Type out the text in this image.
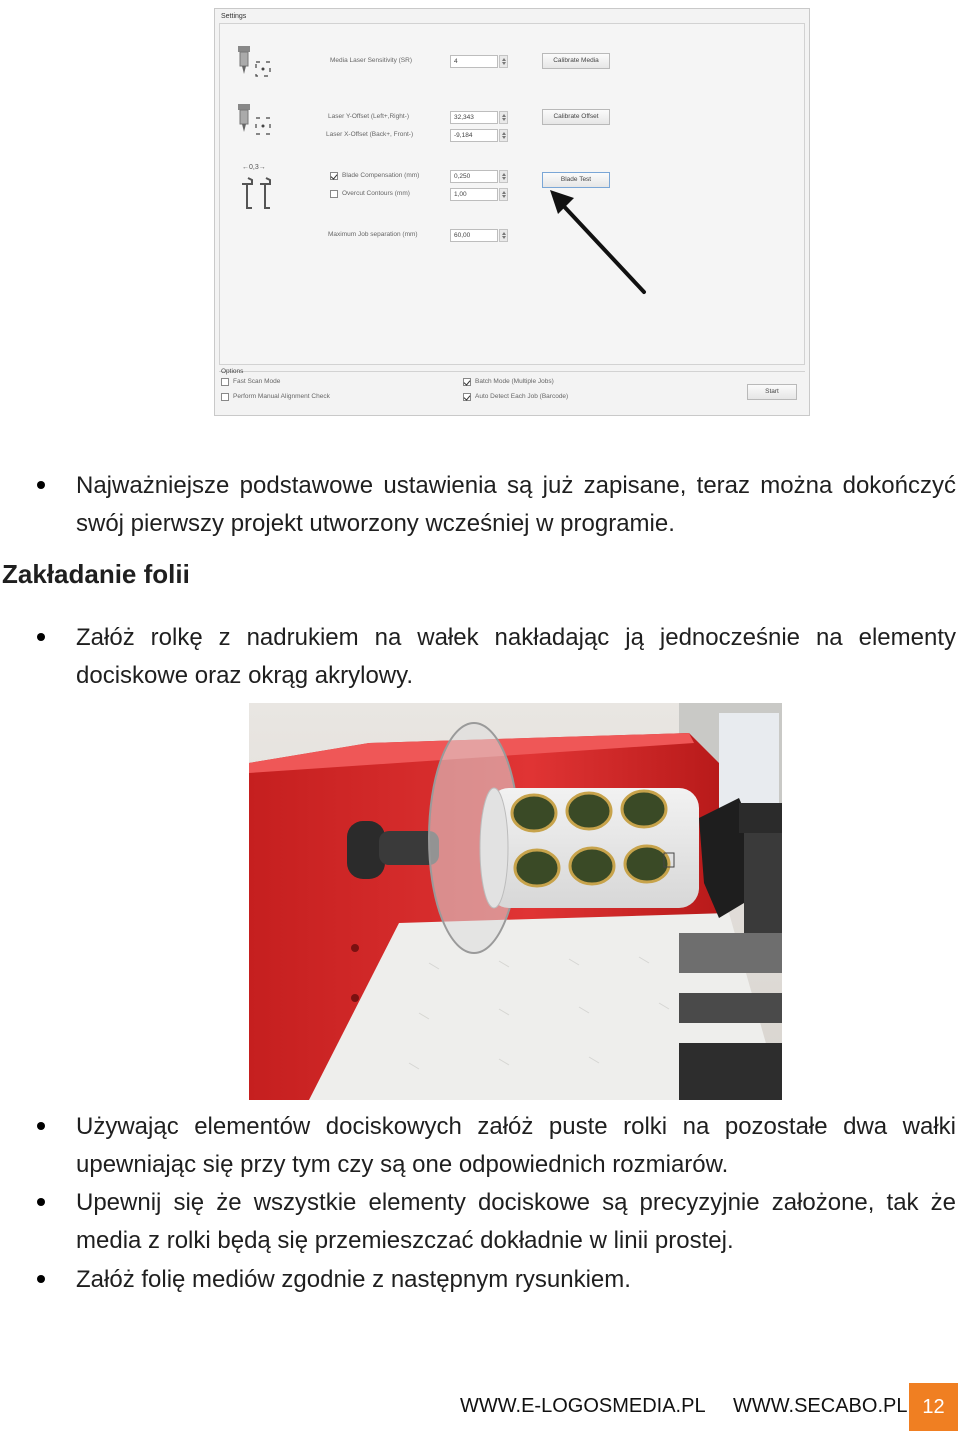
Settings
Media Laser Sensitivity (SR)	4	Calibrate Media
Laser Y-Offset (Left+,Right-)	32,343
Laser X-Offset (Back+, Front-)	-9,184
Calibrate Offset
←0,3→
Blade Compensation (mm)	0,250
Overcut Contours (mm)	1,00
Blade Test
Maximum Job separation (mm)	60,00
Options
Fast Scan Mode
Perform Manual Alignment Check
Batch Mode (Multiple Jobs)
Auto Detect Each Job (Barcode)
Start
Najważniejsze podstawowe ustawienia są już zapisane, teraz można dokończyć swój pierwszy projekt utworzony wcześniej w programie.
Zakładanie folii
Załóż rolkę z nadrukiem na wałek nakładając ją jednocześnie na elementy dociskowe oraz okrąg akrylowy.
Używając elementów dociskowych załóż puste rolki na pozostałe dwa wałki upewniając się przy tym czy są one odpowiednich rozmiarów.
Upewnij się że wszystkie elementy dociskowe są precyzyjnie założone, tak że media z rolki będą się przemieszczać dokładnie w linii prostej.
Załóż folię mediów zgodnie z następnym rysunkiem.
WWW.E-LOGOSMEDIA.PL WWW.SECABO.PL 12
